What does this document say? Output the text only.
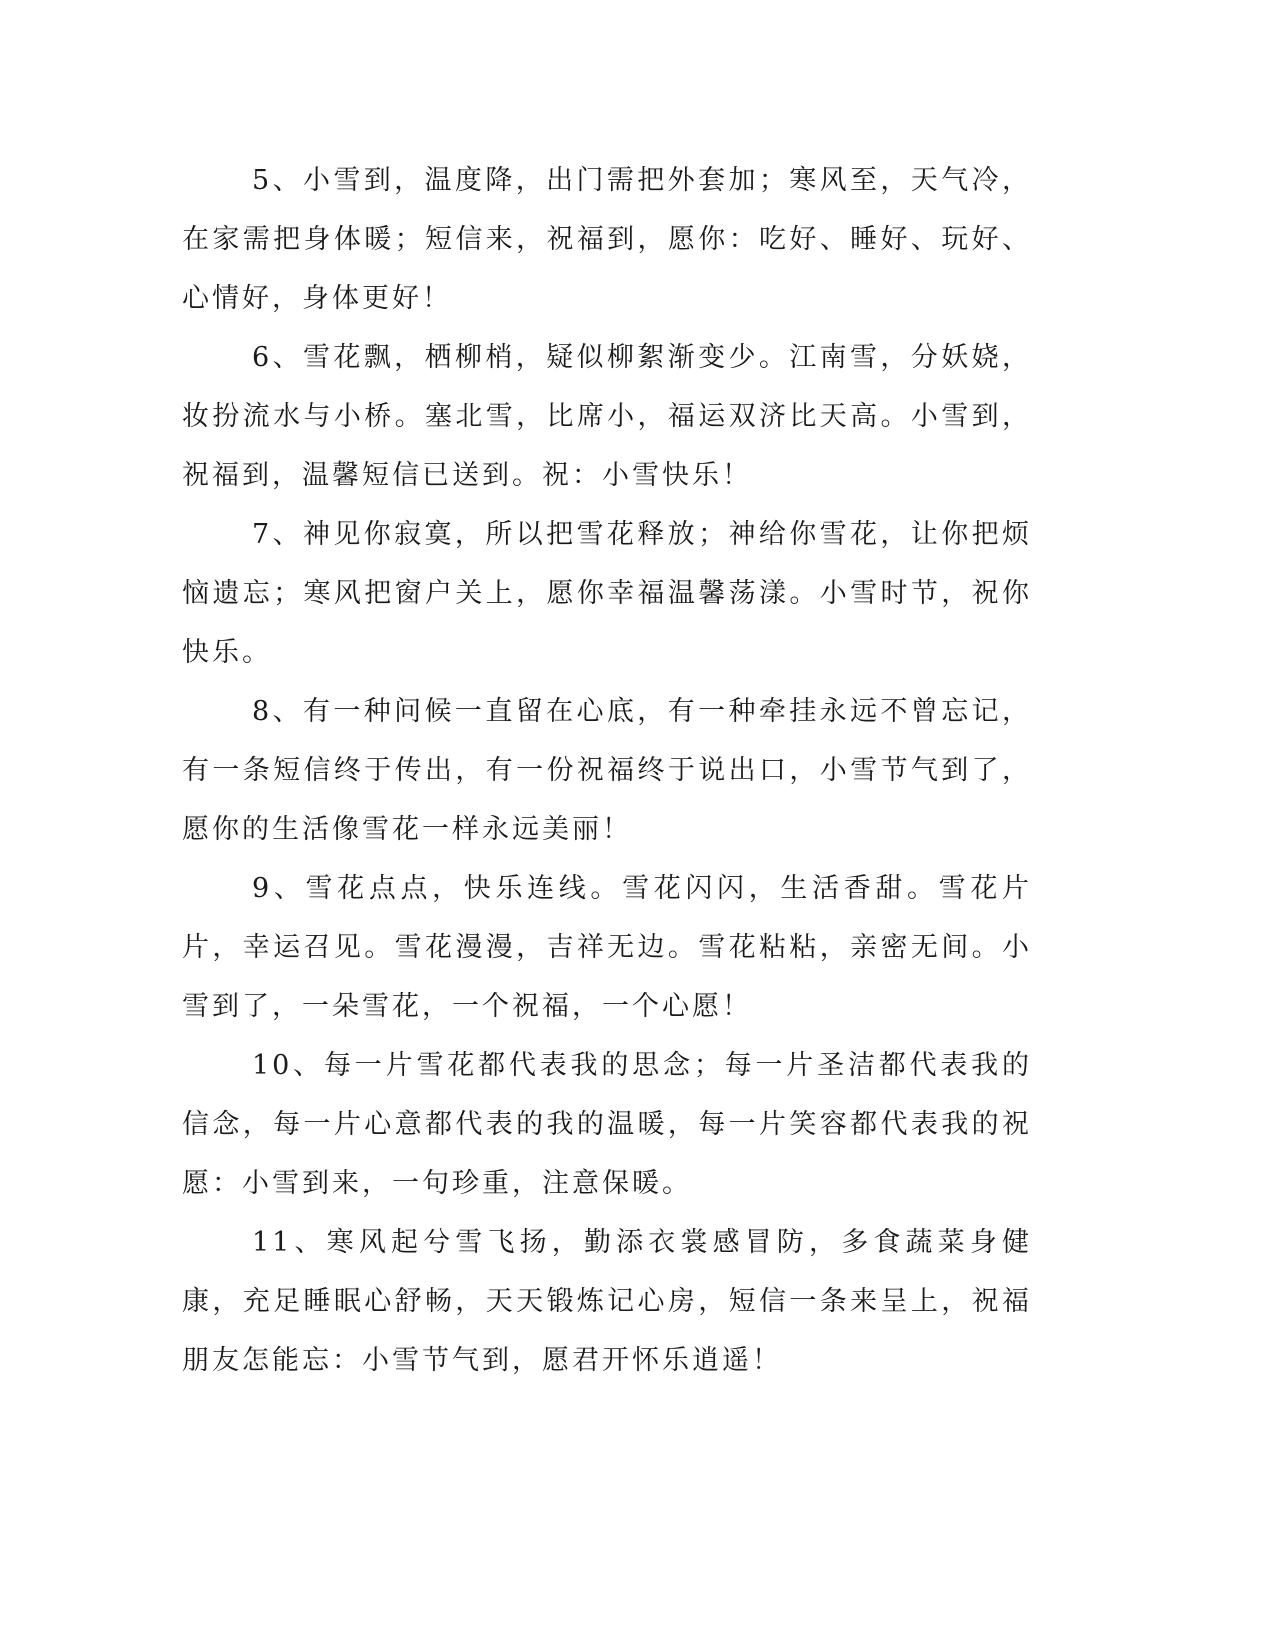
5、小雪到，温度降，出门需把外套加；寒风至，天气冷，在家需把身体暖；短信来，祝福到，愿你：吃好、睡好、玩好、心情好，身体更好！

6、雪花飘，栖柳梢，疑似柳絮渐变少。江南雪，分妖娆，妆扮流水与小桥。塞北雪，比席小，福运双济比天高。小雪到，祝福到，温馨短信已送到。祝：小雪快乐！

7、神见你寂寞，所以把雪花释放；神给你雪花，让你把烦恼遗忘；寒风把窗户关上，愿你幸福温馨荡漾。小雪时节，祝你快乐。

8、有一种问候一直留在心底，有一种牵挂永远不曾忘记，有一条短信终于传出，有一份祝福终于说出口，小雪节气到了，愿你的生活像雪花一样永远美丽！

9、雪花点点，快乐连线。雪花闪闪，生活香甜。雪花片片，幸运召见。雪花漫漫，吉祥无边。雪花粘粘，亲密无间。小雪到了，一朵雪花，一个祝福，一个心愿！

10、每一片雪花都代表我的思念；每一片圣洁都代表我的信念，每一片心意都代表的我的温暖，每一片笑容都代表我的祝愿：小雪到来，一句珍重，注意保暖。

11、寒风起兮雪飞扬，勤添衣裳感冒防，多食蔬菜身健康，充足睡眠心舒畅，天天锻炼记心房，短信一条来呈上，祝福朋友怎能忘：小雪节气到，愿君开怀乐逍遥！
